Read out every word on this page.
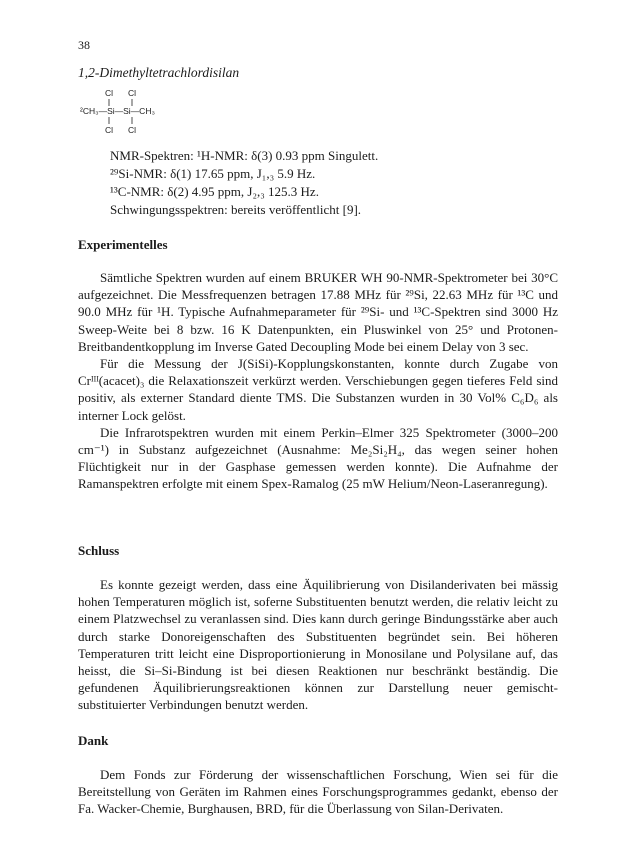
38
1,2-Dimethyltetrachlordisilan
Cl Cl
²CH₃—Si—Si—CH₃
Cl Cl
NMR-Spektren: ¹H-NMR: δ(3) 0.93 ppm Singulett.
²⁹Si-NMR: δ(1) 17.65 ppm, J₁,₃ 5.9 Hz.
¹³C-NMR: δ(2) 4.95 ppm, J₂,₃ 125.3 Hz.
Schwingungsspektren: bereits veröffentlicht [9].
Experimentelles

Sämtliche Spektren wurden auf einem BRUKER WH 90-NMR-Spektrometer bei 30°C aufgezeichnet. Die Messfrequenzen betragen 17.88 MHz für ²⁹Si, 22.63 MHz für ¹³C und 90.0 MHz für ¹H. Typische Aufnahmeparameter für ²⁹Si- und ¹³C-Spektren sind 3000 Hz Sweep-Weite bei 8 bzw. 16 K Datenpunkten, ein Pluswinkel von 25° und Protonen-Breitbandentkopplung im Inverse Gated Decoupling Mode bei einem Delay von 3 sec.

Für die Messung der J(SiSi)-Kopplungskonstanten, konnte durch Zugabe von Crᴵᴵᴵ(acacet)₃ die Relaxationszeit verkürzt werden. Verschiebungen gegen tieferes Feld sind positiv, als externer Standard diente TMS. Die Substanzen wurden in 30 Vol% C₆D₆ als interner Lock gelöst.

Die Infrarotspektren wurden mit einem Perkin–Elmer 325 Spektrometer (3000–200 cm⁻¹) in Substanz aufgezeichnet (Ausnahme: Me₂Si₂H₄, das wegen seiner hohen Flüchtigkeit nur in der Gasphase gemessen werden konnte). Die Aufnahme der Ramanspektren erfolgte mit einem Spex-Ramalog (25 mW Helium/Neon-Laseranregung).

Schluss

Es konnte gezeigt werden, dass eine Äquilibrierung von Disilanderivaten bei mässig hohen Temperaturen möglich ist, soferne Substituenten benutzt werden, die relativ leicht zu einem Platzwechsel zu veranlassen sind. Dies kann durch geringe Bindungsstärke aber auch durch starke Donoreigenschaften des Substituenten begründet sein. Bei höheren Temperaturen tritt leicht eine Disproportionierung in Monosilane und Polysilane auf, das heisst, die Si–Si-Bindung ist bei diesen Reaktionen nur beschränkt beständig. Die gefundenen Äquilibrierungsreaktionen können zur Darstellung neuer gemischt-substituierter Verbindungen benutzt werden.

Dank

Dem Fonds zur Förderung der wissenschaftlichen Forschung, Wien sei für die Bereitstellung von Geräten im Rahmen eines Forschungsprogrammes gedankt, ebenso der Fa. Wacker-Chemie, Burghausen, BRD, für die Überlassung von Silan-Derivaten.
